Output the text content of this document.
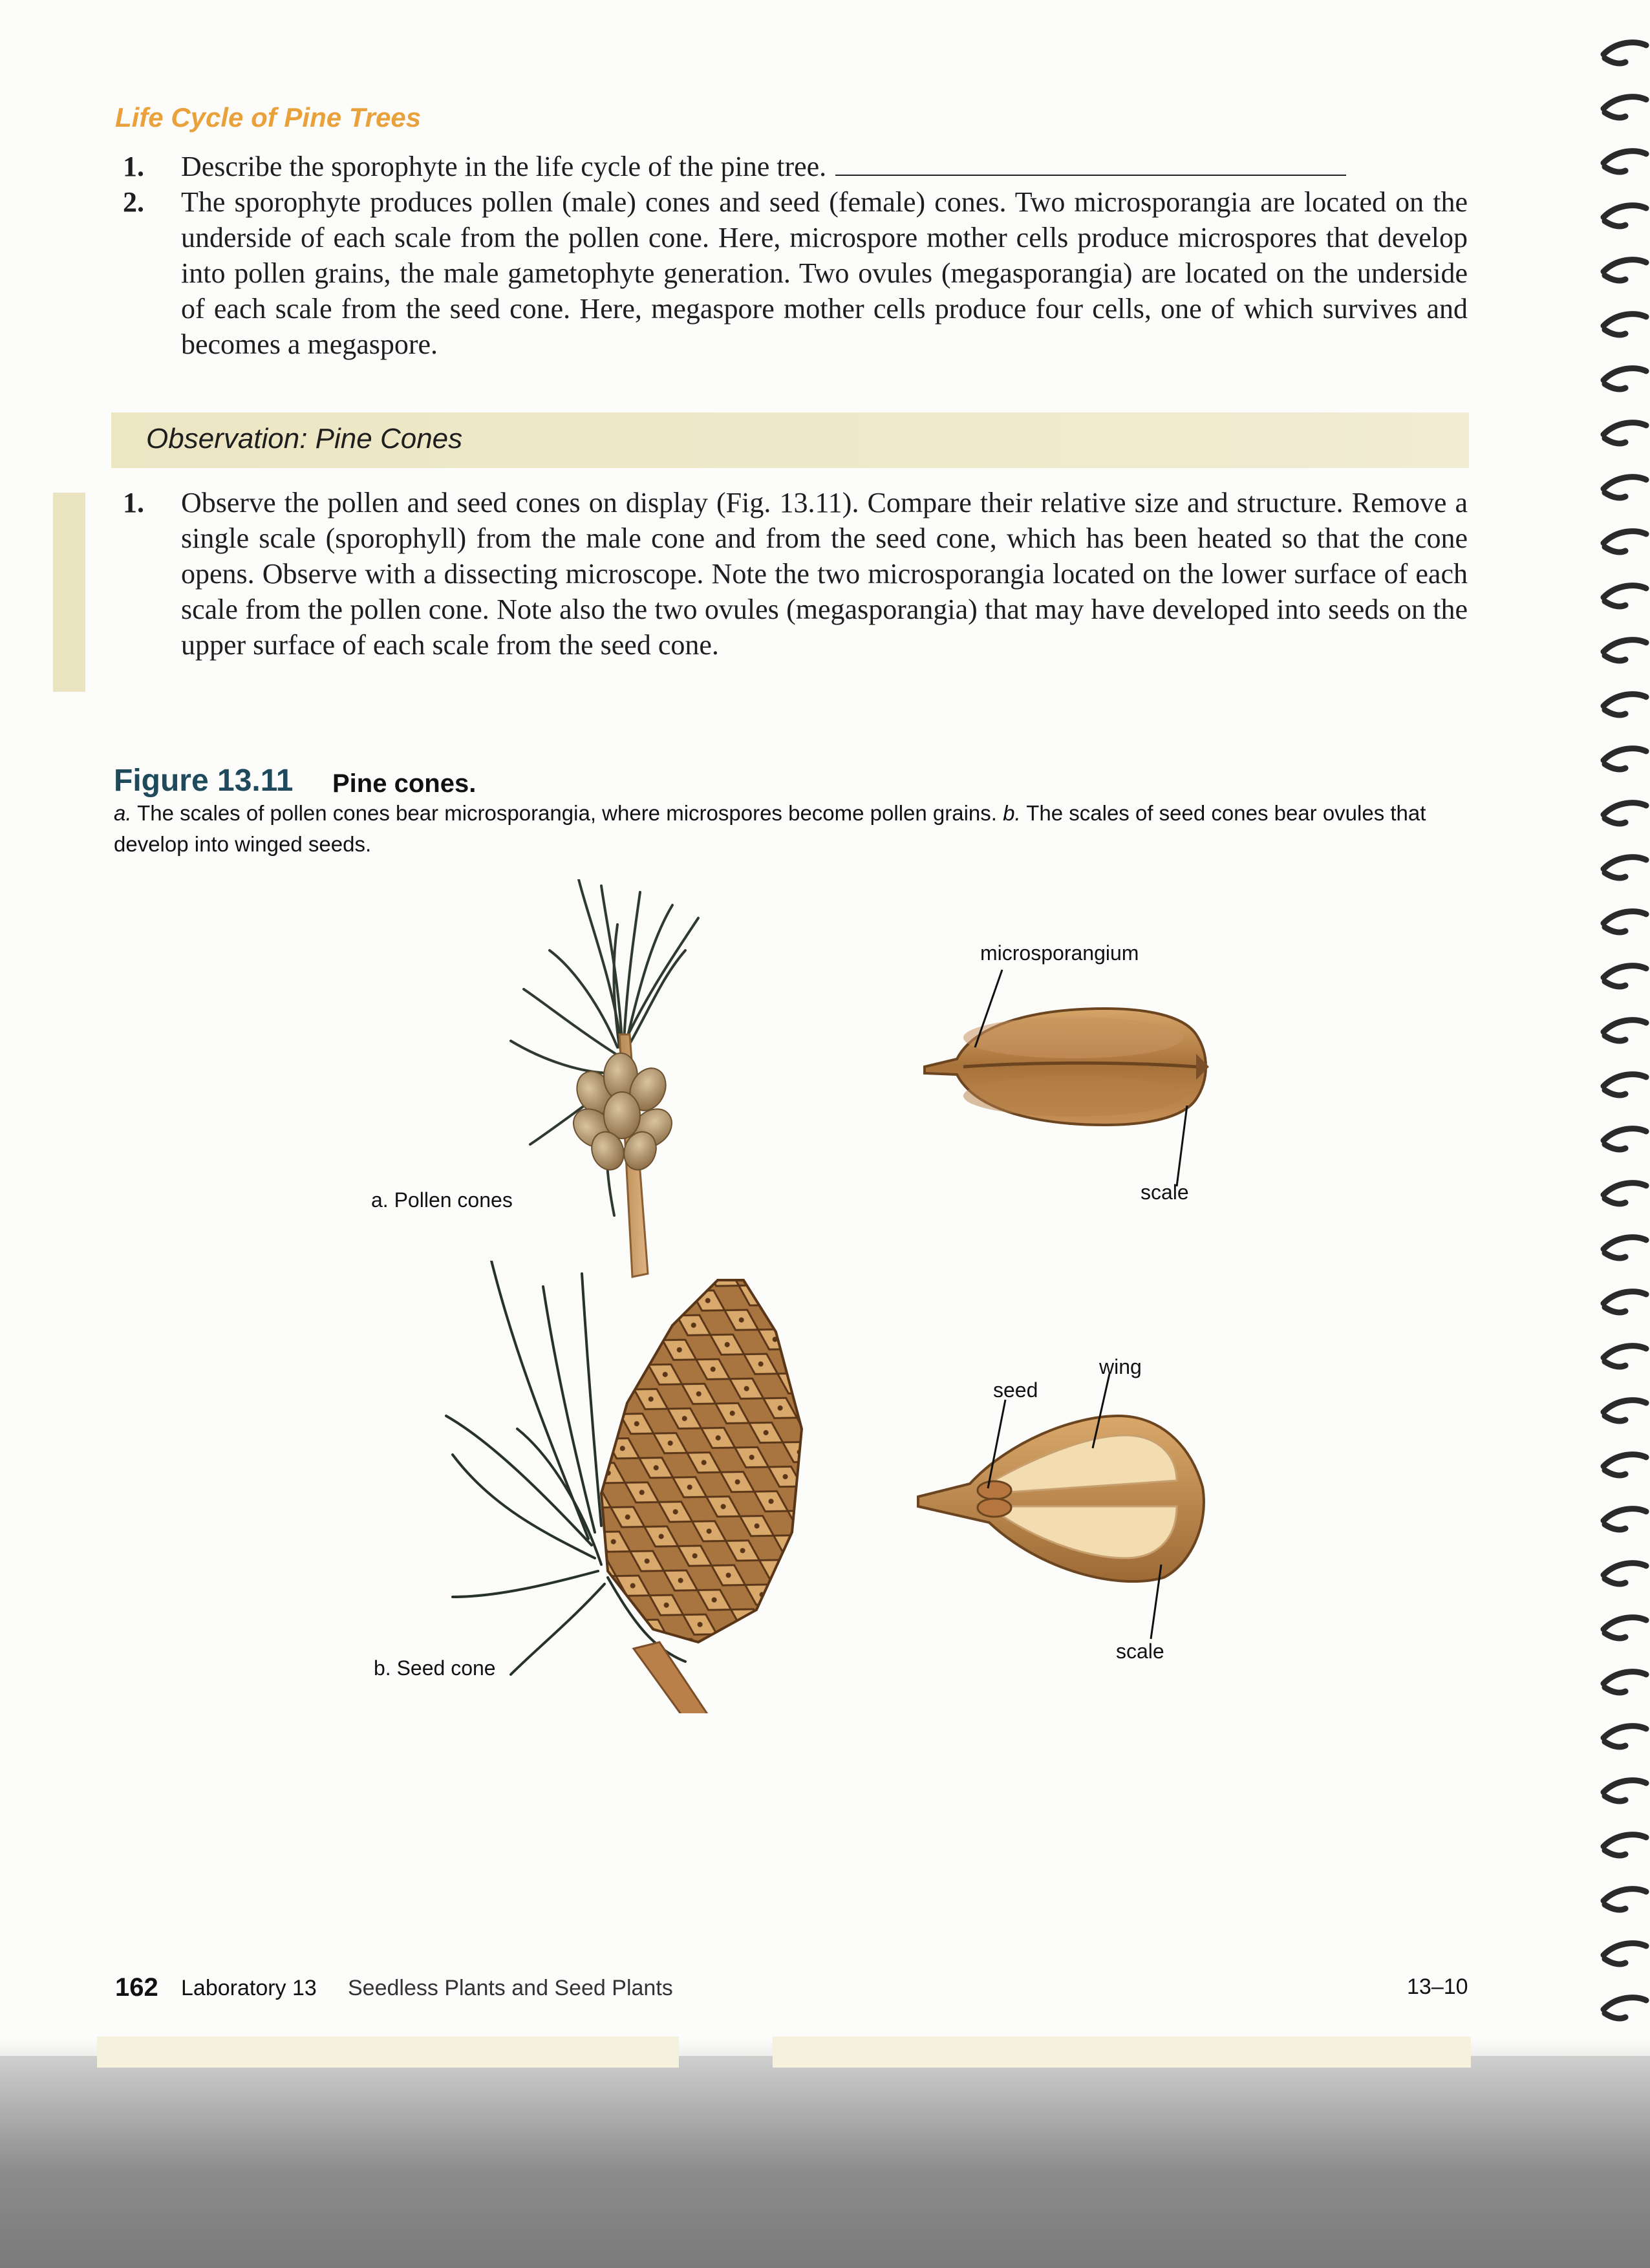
Life Cycle of Pine Trees
1.	Describe the sporophyte in the life cycle of the pine tree.
2.	The sporophyte produces pollen (male) cones and seed (female) cones. Two microsporangia are located on the underside of each scale from the pollen cone. Here, microspore mother cells produce microspores that develop into pollen grains, the male gametophyte generation. Two ovules (megasporangia) are located on the underside of each scale from the seed cone. Here, megaspore mother cells produce four cells, one of which survives and becomes a megaspore.
Observation: Pine Cones
1.	Observe the pollen and seed cones on display (Fig. 13.11). Compare their relative size and structure. Remove a single scale (sporophyll) from the male cone and from the seed cone, which has been heated so that the cone opens. Observe with a dissecting microscope. Note the two microsporangia located on the lower surface of each scale from the pollen cone. Note also the two ovules (megasporangia) that may have developed into seeds on the upper surface of each scale from the seed cone.
Figure 13.11 Pine cones.
a. The scales of pollen cones bear microsporangia, where microspores become pollen grains. b. The scales of seed cones bear ovules that develop into winged seeds.
a. Pollen cones
b. Seed cone
microsporangium
scale
seed
wing
scale
162 Laboratory 13 Seedless Plants and Seed Plants	13–10
